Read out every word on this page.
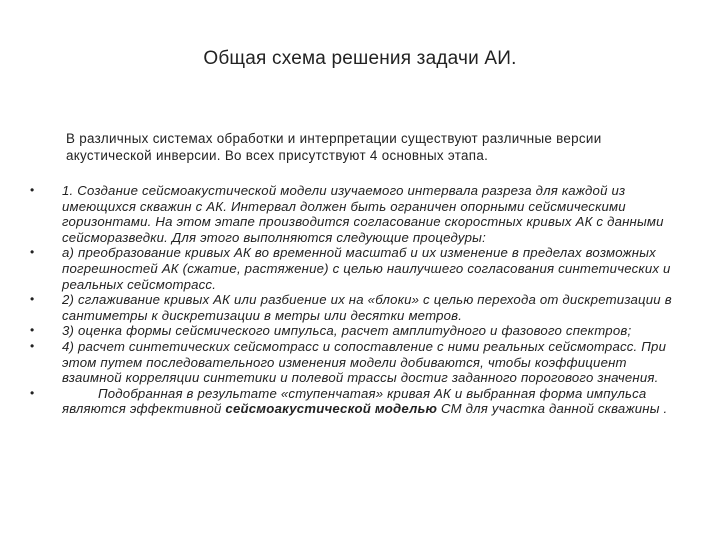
Общая схема решения задачи АИ.
В различных системах обработки и интерпретации существуют различные версии акустической инверсии. Во всех присутствуют 4 основных этапа.
• 1. Создание сейсмоакустической модели изучаемого интервала разреза для каждой из имеющихся скважин с АК. Интервал должен быть ограничен опорными сейсмическими горизонтами. На этом этапе производится согласование скоростных кривых АК с данными сейсморазведки. Для этого выполняются следующие процедуры:
• а) преобразование кривых АК во временной масштаб и их изменение в пределах возможных погрешностей АК (сжатие, растяжение) с целью наилучшего согласования синтетических и реальных сейсмотрасс.
• 2) сглаживание кривых АК или разбиение их на «блоки» с целью перехода от дискретизации в сантиметры к дискретизации в метры или десятки метров.
• 3) оценка формы сейсмического импульса, расчет амплитудного и фазового спектров;
• 4) расчет синтетических сейсмотрасс и сопоставление с ними реальных сейсмотрасс. При этом путем последовательного изменения модели добиваются, чтобы коэффициент взаимной корреляции синтетики и полевой трассы достиг заданного порогового значения.
•	Подобранная в результате «ступенчатая» кривая АК и выбранная форма импульса являются эффективной сейсмоакустической моделью СМ для участка данной скважины .
